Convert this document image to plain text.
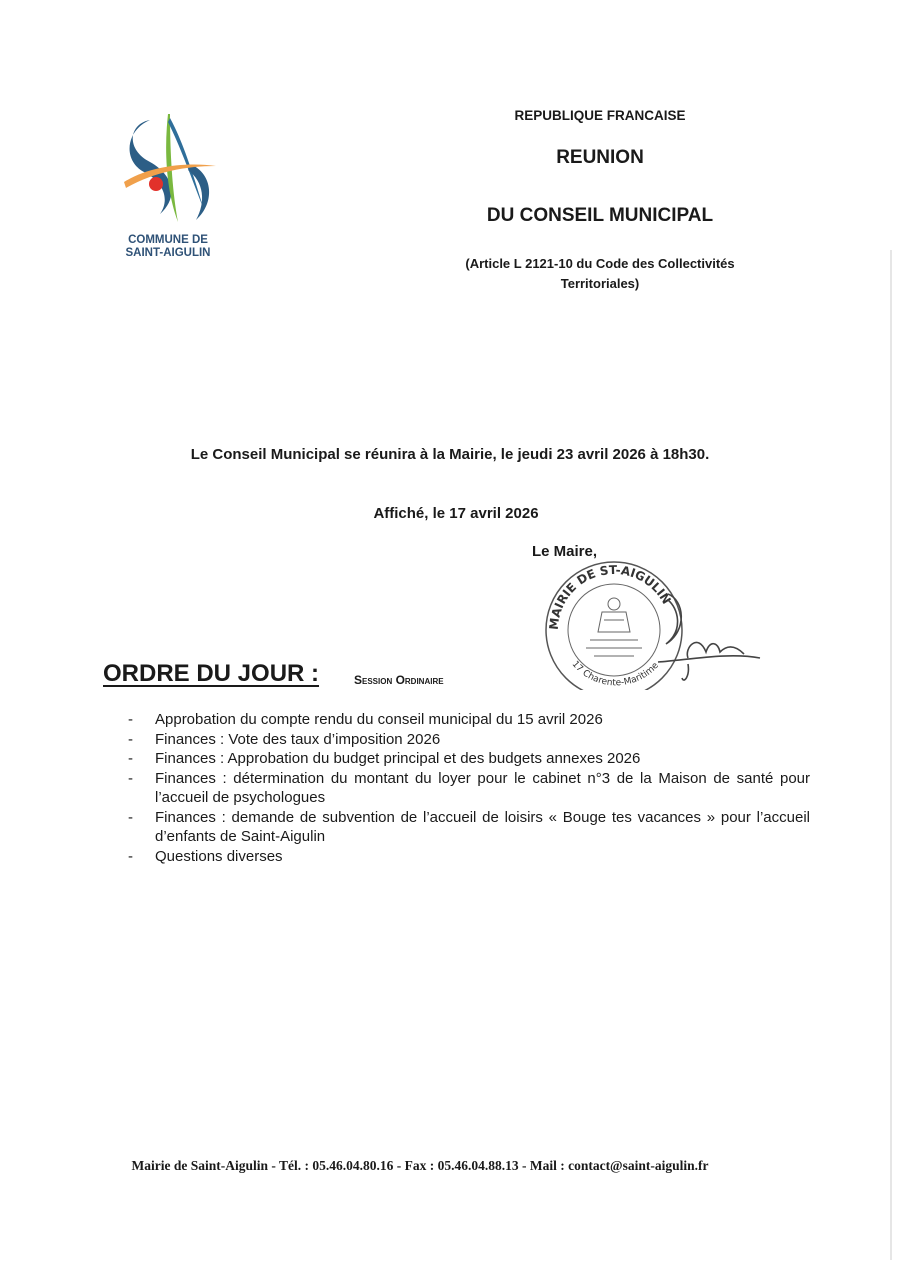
COMMUNE DE
SAINT-AIGULIN
REPUBLIQUE FRANCAISE
REUNION
DU CONSEIL MUNICIPAL
(Article L 2121-10 du Code des Collectivités
Territoriales)
Le Conseil Municipal se réunira à la Mairie, le jeudi 23 avril 2026 à 18h30.
Affiché, le 17 avril 2026
Le Maire,
MAIRIE DE ST-AIGULIN
17 Charente-Maritime
ORDRE DU JOUR :	Session Ordinaire
- Approbation du compte rendu du conseil municipal du 15 avril 2026
- Finances : Vote des taux d’imposition 2026
- Finances : Approbation du budget principal et des budgets annexes 2026
- Finances : détermination du montant du loyer pour le cabinet n°3 de la Maison de santé pour l’accueil de psychologues
- Finances : demande de subvention de l’accueil de loisirs « Bouge tes vacances » pour l’accueil d’enfants de Saint-Aigulin
- Questions diverses
Mairie de Saint-Aigulin - Tél. : 05.46.04.80.16 - Fax : 05.46.04.88.13 - Mail : contact@saint-aigulin.fr
